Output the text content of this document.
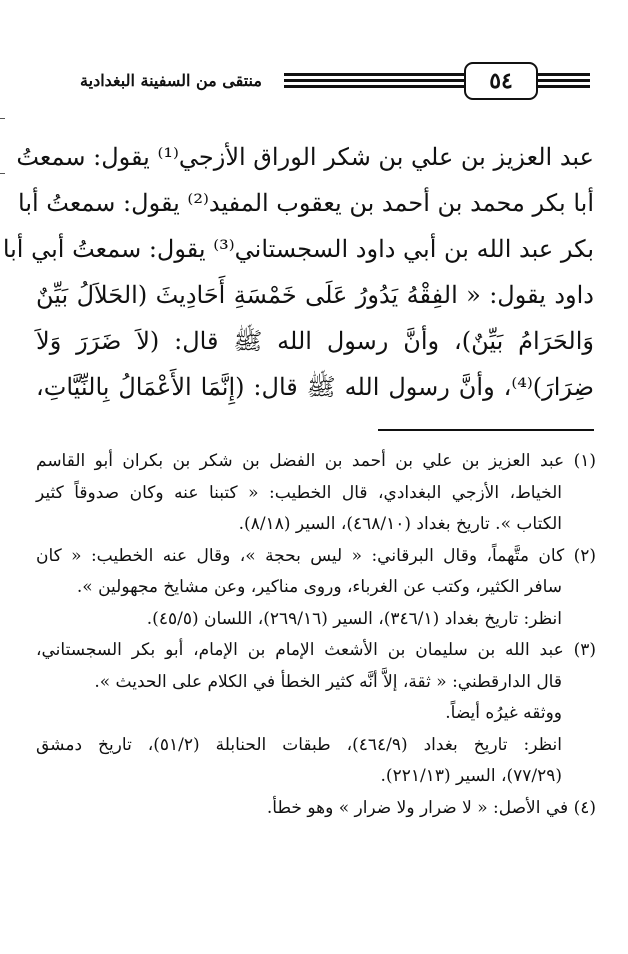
٥٤
منتقى من السفينة البغدادية
عبد العزيز بن علي بن شكر الوراق الأزجي⁽¹⁾ يقول: سمعتُ
أبا بكر محمد بن أحمد بن يعقوب المفيد⁽²⁾ يقول: سمعتُ أبا
بكر عبد الله بن أبي داود السجستاني⁽³⁾ يقول: سمعتُ أبي أبا
داود يقول: « الفِقْهُ يَدُورُ عَلَى خَمْسَةِ أَحَادِيثَ (الحَلاَلُ بَيِّنٌ
وَالحَرَامُ بَيِّنٌ)، وأنَّ رسول الله ﷺ قال: (لاَ ضَرَرَ وَلاَ
ضِرَارَ)⁽⁴⁾، وأنَّ رسول الله ﷺ قال: (إِنَّمَا الأَعْمَالُ بِالنِّيَّاتِ،
(١) عبد العزيز بن علي بن أحمد بن الفضل بن شكر بن بكران أبو القاسم
الخياط، الأزجي البغدادي، قال الخطيب: « كتبنا عنه وكان صدوقاً كثير
الكتاب ». تاريخ بغداد (٤٦٨/١٠)، السير (٨/١٨).
(٢) كان متَّهماً، وقال البرقاني: « ليس بحجة »، وقال عنه الخطيب: « كان
سافر الكثير، وكتب عن الغرباء، وروى مناكير، وعن مشايخ مجهولين ».
انظر: تاريخ بغداد (٣٤٦/١)، السير (٢٦٩/١٦)، اللسان (٤٥/٥).
(٣) عبد الله بن سليمان بن الأشعث الإمام بن الإمام، أبو بكر السجستاني،
قال الدارقطني: « ثقة، إلاَّ أنَّه كثير الخطأ في الكلام على الحديث ».
ووثقه غيرُه أيضاً.
انظر: تاريخ بغداد (٤٦٤/٩)، طبقات الحنابلة (٥١/٢)، تاريخ دمشق
(٧٧/٢٩)، السير (٢٢١/١٣).
(٤) في الأصل: « لا ضرار ولا ضرار » وهو خطأ.
